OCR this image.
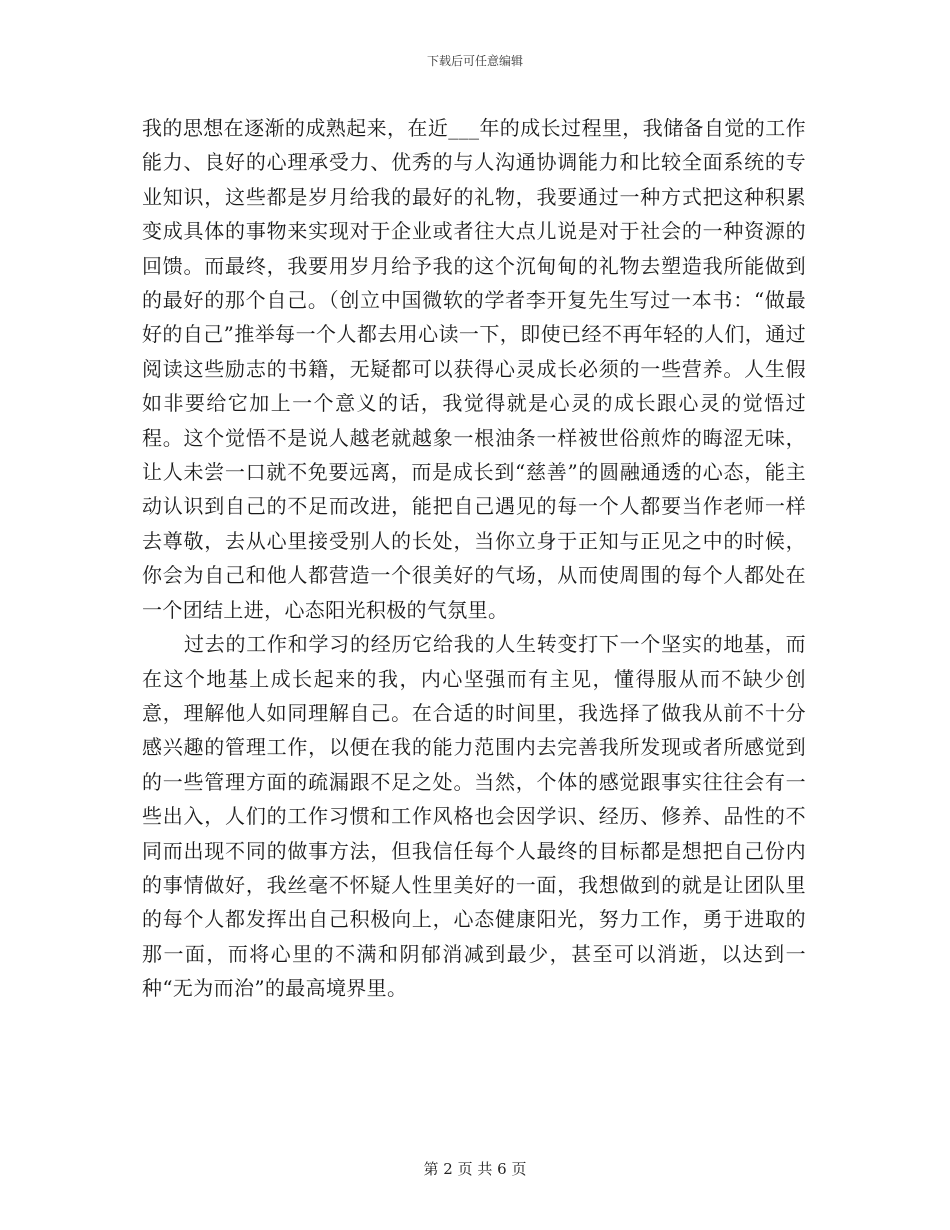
下载后可任意编辑

我的思想在逐渐的成熟起来，在近___年的成长过程里，我储备自觉的工作能力、良好的心理承受力、优秀的与人沟通协调能力和比较全面系统的专业知识，这些都是岁月给我的最好的礼物，我要通过一种方式把这种积累变成具体的事物来实现对于企业或者往大点儿说是对于社会的一种资源的回馈。而最终，我要用岁月给予我的这个沉甸甸的礼物去塑造我所能做到的最好的那个自己。（创立中国微软的学者李开复先生写过一本书：“做最好的自己”推举每一个人都去用心读一下，即使已经不再年轻的人们，通过阅读这些励志的书籍，无疑都可以获得心灵成长必须的一些营养。人生假如非要给它加上一个意义的话，我觉得就是心灵的成长跟心灵的觉悟过程。这个觉悟不是说人越老就越象一根油条一样被世俗煎炸的晦涩无味，让人未尝一口就不免要远离，而是成长到“慈善”的圆融通透的心态，能主动认识到自己的不足而改进，能把自己遇见的每一个人都要当作老师一样去尊敬，去从心里接受别人的长处，当你立身于正知与正见之中的时候，你会为自己和他人都营造一个很美好的气场，从而使周围的每个人都处在一个团结上进，心态阳光积极的气氛里。

过去的工作和学习的经历它给我的人生转变打下一个坚实的地基，而在这个地基上成长起来的我，内心坚强而有主见，懂得服从而不缺少创意，理解他人如同理解自己。在合适的时间里，我选择了做我从前不十分感兴趣的管理工作，以便在我的能力范围内去完善我所发现或者所感觉到的一些管理方面的疏漏跟不足之处。当然，个体的感觉跟事实往往会有一些出入，人们的工作习惯和工作风格也会因学识、经历、修养、品性的不同而出现不同的做事方法，但我信任每个人最终的目标都是想把自己份内的事情做好，我丝毫不怀疑人性里美好的一面，我想做到的就是让团队里的每个人都发挥出自己积极向上，心态健康阳光，努力工作，勇于进取的那一面，而将心里的不满和阴郁消减到最少，甚至可以消逝，以达到一种“无为而治”的最高境界里。

第 2 页 共 6 页
